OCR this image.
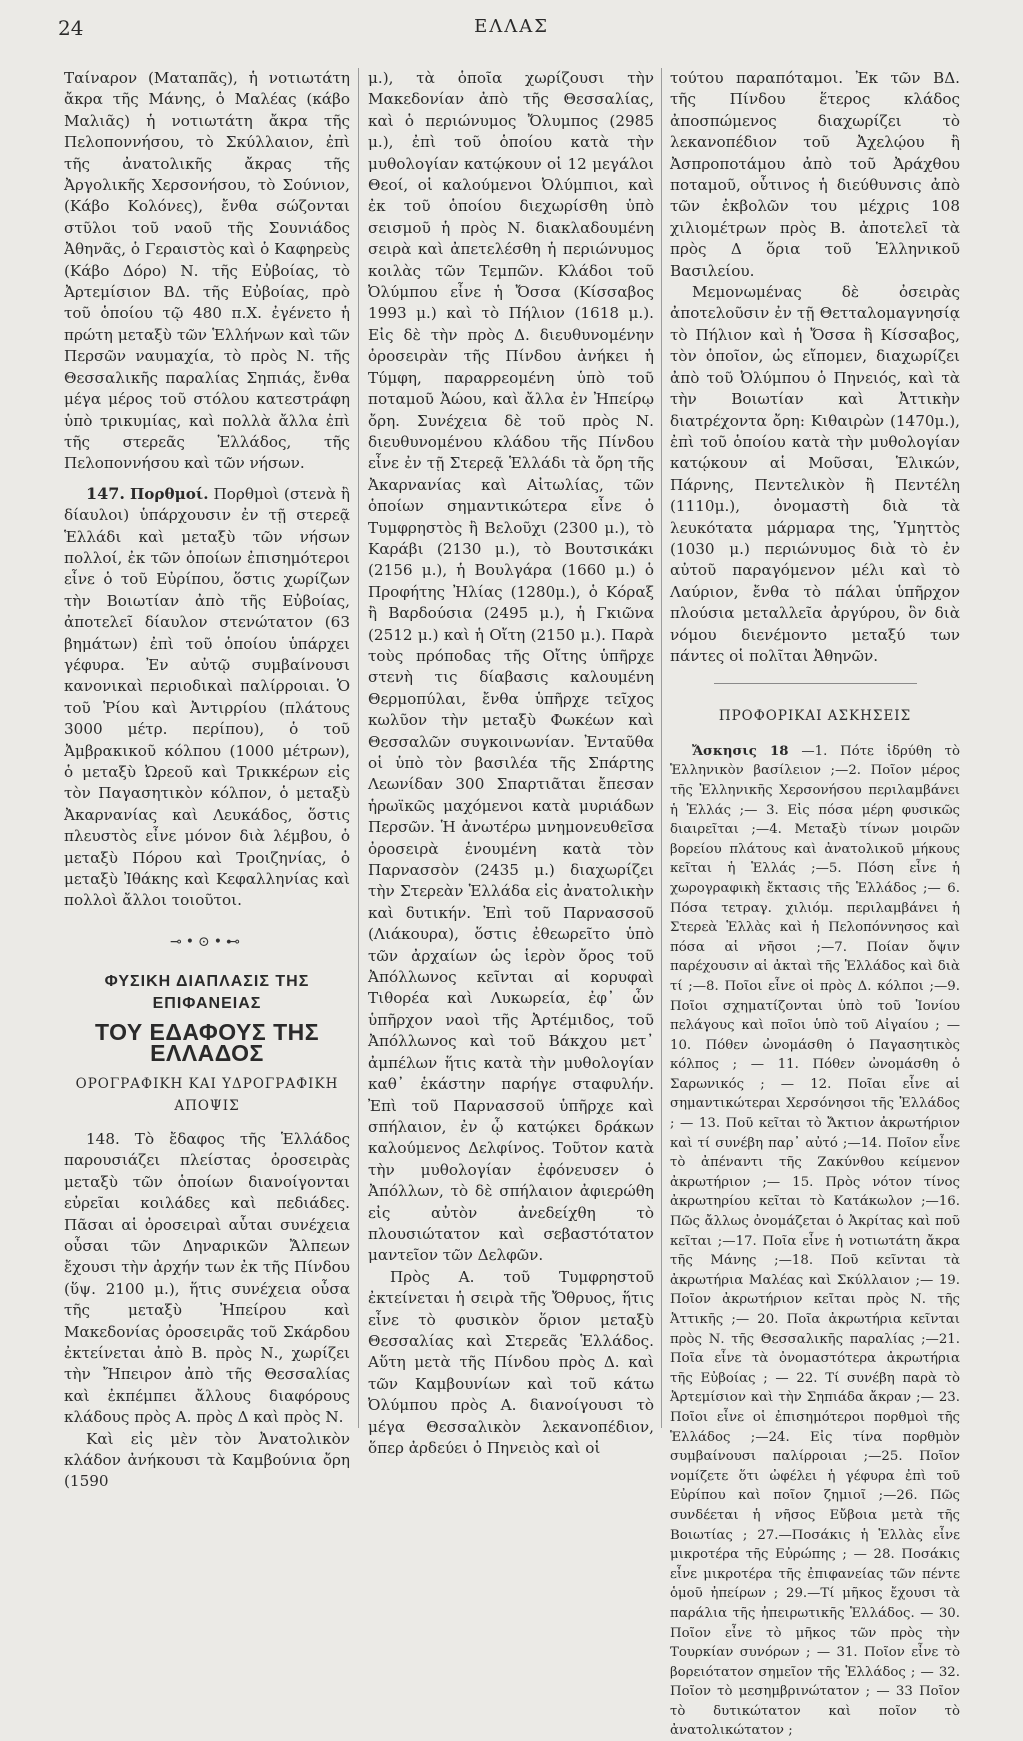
24	ΕΛΛΑΣ

Ταίναρον (Ματαπᾶς), ἡ νοτιωτάτη ἄκρα τῆς Μάνης, ὁ Μαλέας (κάβο Μαλιᾶς) ἡ νοτιωτάτη ἄκρα τῆς Πελοποννήσου, τὸ Σκύλλαιον, ἐπὶ τῆς ἀνατολικῆς ἄκρας τῆς Ἀργολικῆς Χερσονήσου, τὸ Σούνιον, (Κάβο Κολόνες), ἔνθα σώζονται στῦλοι τοῦ ναοῦ τῆς Σουνιάδος Ἀθηνᾶς, ὁ Γεραιστὸς καὶ ὁ Καφηρεὺς (Κάβο Δόρο) Ν. τῆς Εὐβοίας, τὸ Ἀρτεμίσιον ΒΔ. τῆς Εὐβοίας, πρὸ τοῦ ὁποίου τῷ 480 π.Χ. ἐγένετο ἡ πρώτη μεταξὺ τῶν Ἑλλήνων καὶ τῶν Περσῶν ναυμαχία, τὸ πρὸς Ν. τῆς Θεσσαλικῆς παραλίας Σηπιάς, ἔνθα μέγα μέρος τοῦ στόλου κατεστράφη ὑπὸ τρικυμίας, καὶ πολλὰ ἄλλα ἐπὶ τῆς στερεᾶς Ἑλλάδος, τῆς Πελοποννήσου καὶ τῶν νήσων.

147. Πορθμοί. Πορθμοὶ (στενὰ ἢ δίαυλοι) ὑπάρχουσιν ἐν τῇ στερεᾷ Ἑλλάδι καὶ μεταξὺ τῶν νήσων πολλοί, ἐκ τῶν ὁποίων ἐπισημότεροι εἶνε ὁ τοῦ Εὐρίπου, ὅστις χωρίζων τὴν Βοιωτίαν ἀπὸ τῆς Εὐβοίας, ἀποτελεῖ δίαυλον στενώτατον (63 βημάτων) ἐπὶ τοῦ ὁποίου ὑπάρχει γέφυρα. Ἐν αὐτῷ συμβαίνουσι κανονικαὶ περιοδικαὶ παλίρροιαι. Ὁ τοῦ Ῥίου καὶ Ἀντιρρίου (πλάτους 3000 μέτρ. περίπου), ὁ τοῦ Ἀμβρακικοῦ κόλπου (1000 μέτρων), ὁ μεταξὺ Ὠρεοῦ καὶ Τρικκέρων εἰς τὸν Παγασητικὸν κόλπον, ὁ μεταξὺ Ἀκαρνανίας καὶ Λευκάδος, ὅστις πλευστὸς εἶνε μόνον διὰ λέμβου, ὁ μεταξὺ Πόρου καὶ Τροιζηνίας, ὁ μεταξὺ Ἰθάκης καὶ Κεφαλληνίας καὶ πολλοὶ ἄλλοι τοιοῦτοι.

⊸•⊙•⊷
ΦΥΣΙΚΗ ΔΙΑΠΛΑΣΙΣ ΤΗΣ ΕΠΙΦΑΝΕΙΑΣ
ΤΟΥ ΕΔΑΦΟΥΣ ΤΗΣ ΕΛΛΑΔΟΣ
ΟΡΟΓΡΑΦΙΚΗ ΚΑΙ ΥΔΡΟΓΡΑΦΙΚΗ
ΑΠΟΨΙΣ

148. Τὸ ἔδαφος τῆς Ἑλλάδος παρουσιάζει πλείστας ὀροσειρὰς μεταξὺ τῶν ὁποίων διανοίγονται εὐρεῖαι κοιλάδες καὶ πεδιάδες. Πᾶσαι αἱ ὀροσειραὶ αὗται συνέχεια οὖσαι τῶν Δηναρικῶν Ἄλπεων ἔχουσι τὴν ἀρχήν των ἐκ τῆς Πίνδου (ὕψ. 2100 μ.), ἥτις συνέχεια οὖσα τῆς μεταξὺ Ἠπείρου καὶ Μακεδονίας ὀροσειρᾶς τοῦ Σκάρδου ἐκτείνεται ἀπὸ Β. πρὸς Ν., χωρίζει τὴν Ἤπειρον ἀπὸ τῆς Θεσσαλίας καὶ ἐκπέμπει ἄλλους διαφόρους κλάδους πρὸς Α. πρὸς Δ καὶ πρὸς Ν.

Καὶ εἰς μὲν τὸν Ἀνατολικὸν κλάδον ἀνήκουσι τὰ Καμβούνια ὄρη (1590

μ.), τὰ ὁποῖα χωρίζουσι τὴν Μακεδονίαν ἀπὸ τῆς Θεσσαλίας, καὶ ὁ περιώνυμος Ὄλυμπος (2985 μ.), ἐπὶ τοῦ ὁποίου κατὰ τὴν μυθολογίαν κατῴκουν οἱ 12 μεγάλοι Θεοί, οἱ καλούμενοι Ὀλύμπιοι, καὶ ἐκ τοῦ ὁποίου διεχωρίσθη ὑπὸ σεισμοῦ ἡ πρὸς Ν. διακλαδουμένη σειρὰ καὶ ἀπετελέσθη ἡ περιώνυμος κοιλὰς τῶν Τεμπῶν. Κλάδοι τοῦ Ὀλύμπου εἶνε ἡ Ὄσσα (Κίσσαβος 1993 μ.) καὶ τὸ Πήλιον (1618 μ.). Εἰς δὲ τὴν πρὸς Δ. διευθυνομένην ὀροσειρὰν τῆς Πίνδου ἀνήκει ἡ Τύμφη, παραρρεομένη ὑπὸ τοῦ ποταμοῦ Ἀώου, καὶ ἄλλα ἐν Ἠπείρῳ ὄρη. Συνέχεια δὲ τοῦ πρὸς Ν. διευθυνομένου κλάδου τῆς Πίνδου εἶνε ἐν τῇ Στερεᾷ Ἑλλάδι τὰ ὄρη τῆς Ἀκαρνανίας καὶ Αἰτωλίας, τῶν ὁποίων σημαντικώτερα εἶνε ὁ Τυμφρηστὸς ἢ Βελοῦχι (2300 μ.), τὸ Καράβι (2130 μ.), τὸ Βουτσικάκι (2156 μ.), ἡ Βουλγάρα (1660 μ.) ὁ Προφήτης Ἠλίας (1280μ.), ὁ Κόραξ ἢ Βαρδούσια (2495 μ.), ἡ Γκιῶνα (2512 μ.) καὶ ἡ Οἴτη (2150 μ.). Παρὰ τοὺς πρόποδας τῆς Οἴτης ὑπῆρχε στενὴ τις δίαβασις καλουμένη Θερμοπύλαι, ἔνθα ὑπῆρχε τεῖχος κωλῦον τὴν μεταξὺ Φωκέων καὶ Θεσσαλῶν συγκοινωνίαν. Ἐνταῦθα οἱ ὑπὸ τὸν βασιλέα τῆς Σπάρτης Λεωνίδαν 300 Σπαρτιᾶται ἔπεσαν ἡρωϊκῶς μαχόμενοι κατὰ μυριάδων Περσῶν. Ἡ ἀνωτέρω μνημονευθεῖσα ὀροσειρὰ ἑνουμένη κατὰ τὸν Παρνασσὸν (2435 μ.) διαχωρίζει τὴν Στερεὰν Ἑλλάδα εἰς ἀνατολικὴν καὶ δυτικήν. Ἐπὶ τοῦ Παρνασσοῦ (Λιάκουρα), ὅστις ἐθεωρεῖτο ὑπὸ τῶν ἀρχαίων ὡς ἱερὸν ὄρος τοῦ Ἀπόλλωνος κεῖνται αἱ κορυφαὶ Τιθορέα καὶ Λυκωρεία, ἐφ᾽ ὧν ὑπῆρχον ναοὶ τῆς Ἀρτέμιδος, τοῦ Ἀπόλλωνος καὶ τοῦ Βάκχου μετ᾽ ἀμπέλων ἥτις κατὰ τὴν μυθολογίαν καθ᾽ ἑκάστην παρήγε σταφυλήν. Ἐπὶ τοῦ Παρνασσοῦ ὑπῆρχε καὶ σπήλαιον, ἐν ᾧ κατῴκει δράκων καλούμενος Δελφίνος. Τοῦτον κατὰ τὴν μυθολογίαν ἐφόνευσεν ὁ Ἀπόλλων, τὸ δὲ σπήλαιον ἀφιερώθη εἰς αὐτὸν ἀνεδείχθη τὸ πλουσιώτατον καὶ σεβαστότατον μαντεῖον τῶν Δελφῶν.

Πρὸς Α. τοῦ Τυμφρηστοῦ ἐκτείνεται ἡ σειρὰ τῆς Ὄθρυος, ἥτις εἶνε τὸ φυσικὸν ὅριον μεταξὺ Θεσσαλίας καὶ Στερεᾶς Ἑλλάδος. Αὕτη μετὰ τῆς Πίνδου πρὸς Δ. καὶ τῶν Καμβουνίων καὶ τοῦ κάτω Ὀλύμπου πρὸς Α. διανοίγουσι τὸ μέγα Θεσσαλικὸν λεκανοπέδιον, ὅπερ ἀρδεύει ὁ Πηνειὸς καὶ οἱ

τούτου παραπόταμοι. Ἐκ τῶν ΒΔ. τῆς Πίνδου ἕτερος κλάδος ἀποσπώμενος διαχωρίζει τὸ λεκανοπέδιον τοῦ Ἀχελῴου ἢ Ἀσπροποτάμου ἀπὸ τοῦ Ἀράχθου ποταμοῦ, οὗτινος ἡ διεύθυνσις ἀπὸ τῶν ἐκβολῶν του μέχρις 108 χιλιομέτρων πρὸς Β. ἀποτελεῖ τὰ πρὸς Δ ὅρια τοῦ Ἑλληνικοῦ Βασιλείου.

Μεμονωμένας δὲ ὀσειρὰς ἀποτελοῦσιν ἐν τῇ Θετταλομαγνησίᾳ τὸ Πήλιον καὶ ἡ Ὄσσα ἢ Κίσσαβος, τὸν ὁποῖον, ὡς εἴπομεν, διαχωρίζει ἀπὸ τοῦ Ὀλύμπου ὁ Πηνειός, καὶ τὰ τὴν Βοιωτίαν καὶ Ἀττικὴν διατρέχοντα ὄρη: Κιθαιρὼν (1470μ.), ἐπὶ τοῦ ὁποίου κατὰ τὴν μυθολογίαν κατῴκουν αἱ Μοῦσαι, Ἑλικών, Πάρνης, Πεντελικὸν ἢ Πεντέλη (1110μ.), ὀνομαστὴ διὰ τὰ λευκότατα μάρμαρα της, Ὑμηττὸς (1030 μ.) περιώνυμος διὰ τὸ ἐν αὐτοῦ παραγόμενον μέλι καὶ τὸ Λαύριον, ἔνθα τὸ πάλαι ὑπῆρχον πλούσια μεταλλεῖα ἀργύρου, ὃν διὰ νόμου διενέμοντο μεταξύ των πάντες οἱ πολῖται Ἀθηνῶν.

ΠΡΟΦΟΡΙΚΑΙ ΑΣΚΗΣΕΙΣ

Ἄσκησις 18 —1. Πότε ἱδρύθη τὸ Ἑλληνικὸν βασίλειον ;—2. Ποῖον μέρος τῆς Ἑλληνικῆς Χερσονήσου περιλαμβάνει ἡ Ἑλλάς ;— 3. Εἰς πόσα μέρη φυσικῶς διαιρεῖται ;—4. Μεταξὺ τίνων μοιρῶν βορείου πλάτους καὶ ἀνατολικοῦ μήκους κεῖται ἡ Ἑλλάς ;—5. Πόση εἶνε ἡ χωρογραφικὴ ἔκτασις τῆς Ἑλλάδος ;— 6. Πόσα τετραγ. χιλιόμ. περιλαμβάνει ἡ Στερεὰ Ἑλλὰς καὶ ἡ Πελοπόννησος καὶ πόσα αἱ νῆσοι ;—7. Ποίαν ὄψιν παρέχουσιν αἱ ἀκταὶ τῆς Ἑλλάδος καὶ διὰ τί ;—8. Ποῖοι εἶνε οἱ πρὸς Δ. κόλποι ;—9. Ποῖοι σχηματίζονται ὑπὸ τοῦ Ἰονίου πελάγους καὶ ποῖοι ὑπὸ τοῦ Αἰγαίου ; —10. Πόθεν ὠνομάσθη ὁ Παγασητικὸς κόλπος ; — 11. Πόθεν ὠνομάσθη ὁ Σαρωνικός ; — 12. Ποῖαι εἶνε αἱ σημαντικώτεραι Χερσόνησοι τῆς Ἑλλάδος ; — 13. Ποῦ κεῖται τὸ Ἄκτιον ἀκρωτήριον καὶ τί συνέβη παρ᾽ αὐτό ;—14. Ποῖον εἶνε τὸ ἀπέναντι τῆς Ζακύνθου κείμενον ἀκρωτήριον ;— 15. Πρὸς νότον τίνος ἀκρωτηρίου κεῖται τὸ Κατάκωλον ;—16. Πῶς ἄλλως ὀνομάζεται ὁ Ἀκρίτας καὶ ποῦ κεῖται ;—17. Ποῖα εἶνε ἡ νοτιωτάτη ἄκρα τῆς Μάνης ;—18. Ποῦ κεῖνται τὰ ἀκρωτήρια Μαλέας καὶ Σκύλλαιον ;— 19. Ποῖον ἀκρωτήριον κεῖται πρὸς Ν. τῆς Ἀττικῆς ;— 20. Ποῖα ἀκρωτήρια κεῖνται πρὸς Ν. τῆς Θεσσαλικῆς παραλίας ;—21. Ποῖα εἶνε τὰ ὀνομαστότερα ἀκρωτήρια τῆς Εὐβοίας ; — 22. Τί συνέβη παρὰ τὸ Ἀρτεμίσιον καὶ τὴν Σηπιάδα ἄκραν ;— 23. Ποῖοι εἶνε οἱ ἐπισημότεροι πορθμοὶ τῆς Ἑλλάδος ;—24. Εἰς τίνα πορθμὸν συμβαίνουσι παλίρροιαι ;—25. Ποῖον νομίζετε ὅτι ὠφέλει ἡ γέφυρα ἐπὶ τοῦ Εὐρίπου καὶ ποῖον ζημιοῖ ;—26. Πῶς συνδέεται ἡ νῆσος Εὔβοια μετὰ τῆς Βοιωτίας ; 27.—Ποσάκις ἡ Ἑλλὰς εἶνε μικροτέρα τῆς Εὐρώπης ; — 28. Ποσάκις εἶνε μικροτέρα τῆς ἐπιφανείας τῶν πέντε ὁμοῦ ἠπείρων ; 29.—Τί μῆκος ἔχουσι τὰ παράλια τῆς ἠπειρωτικῆς Ἑλλάδος. — 30. Ποῖον εἶνε τὸ μῆκος τῶν πρὸς τὴν Τουρκίαν συνόρων ; — 31. Ποῖον εἶνε τὸ βορειότατον σημεῖον τῆς Ἑλλάδος ; — 32. Ποῖον τὸ μεσημβρινώτατον ; — 33 Ποῖον τὸ δυτικώτατον καὶ ποῖον τὸ ἀνατολικώτατον ;
